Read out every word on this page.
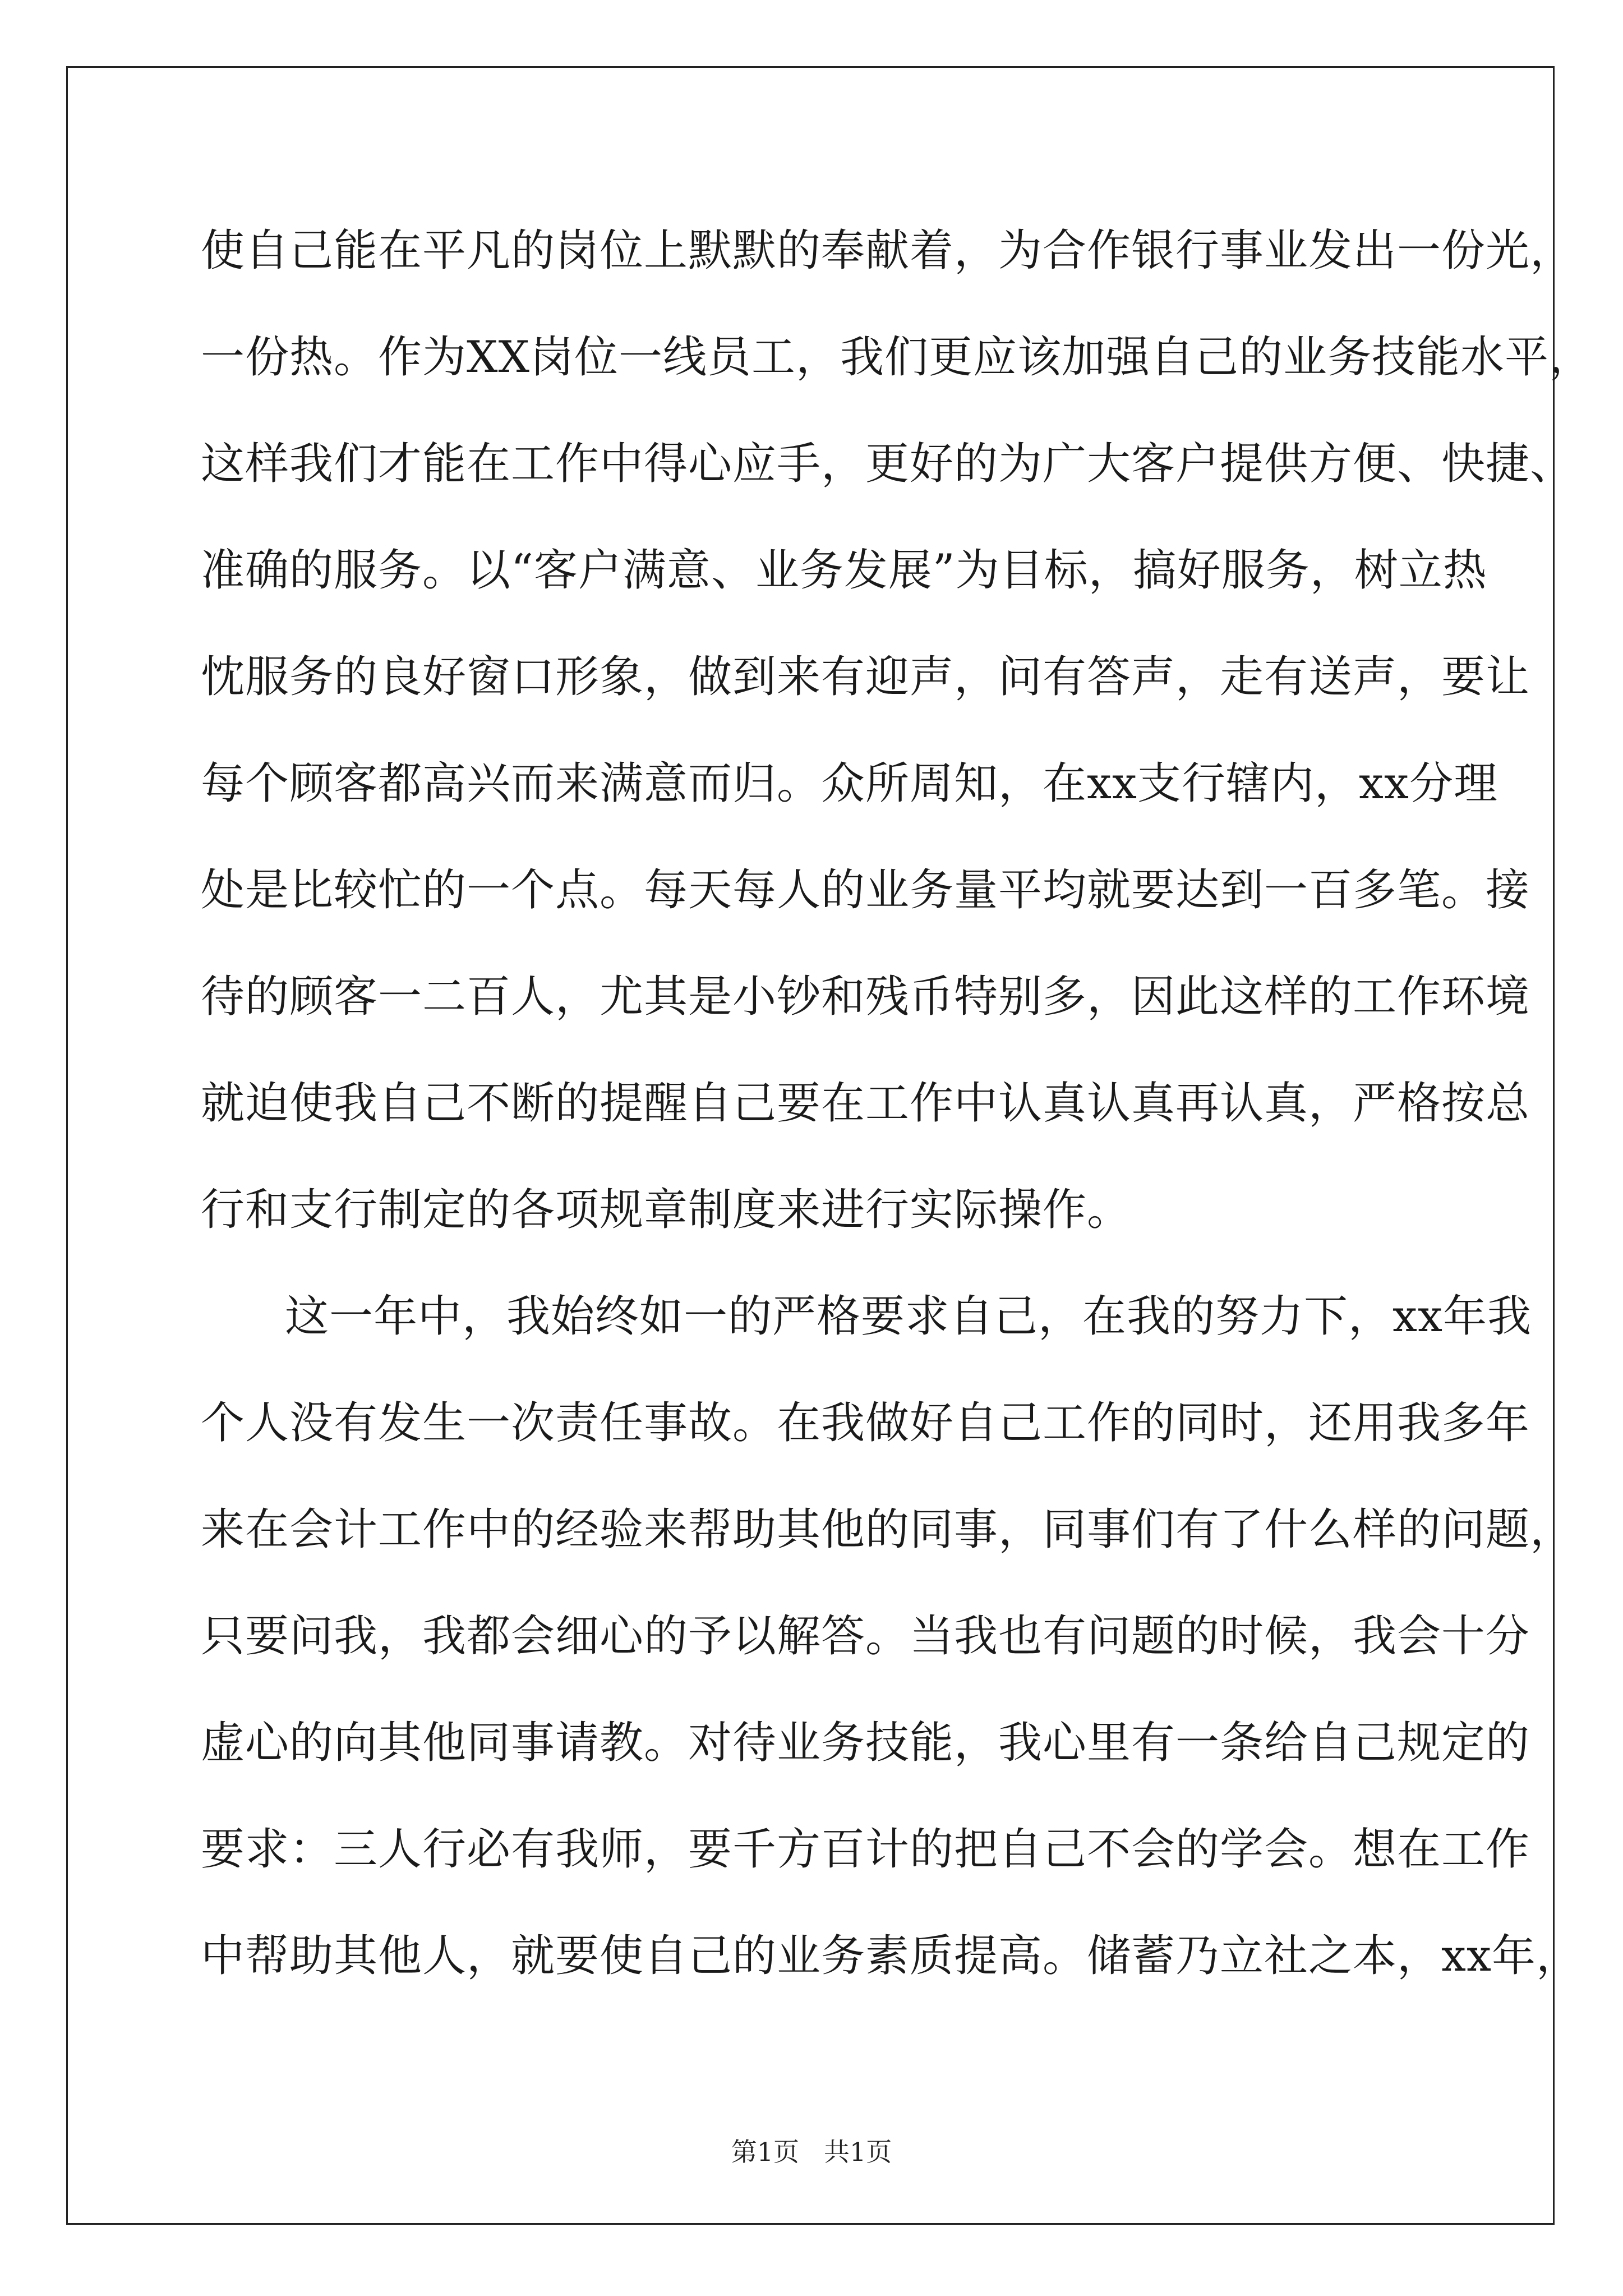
使自己能在平凡的岗位上默默的奉献着，为合作银行事业发出一份光，
一份热。作为XX岗位一线员工，我们更应该加强自己的业务技能水平，
这样我们才能在工作中得心应手，更好的为广大客户提供方便、快捷、
准确的服务。以“客户满意、业务发展”为目标，搞好服务，树立热
忱服务的良好窗口形象，做到来有迎声，问有答声，走有送声，要让
每个顾客都高兴而来满意而归。众所周知，在xx支行辖内，xx分理
处是比较忙的一个点。每天每人的业务量平均就要达到一百多笔。接
待的顾客一二百人，尤其是小钞和残币特别多，因此这样的工作环境
就迫使我自己不断的提醒自己要在工作中认真认真再认真，严格按总
行和支行制定的各项规章制度来进行实际操作。
这一年中，我始终如一的严格要求自己，在我的努力下，xx年我
个人没有发生一次责任事故。在我做好自己工作的同时，还用我多年
来在会计工作中的经验来帮助其他的同事，同事们有了什么样的问题，
只要问我，我都会细心的予以解答。当我也有问题的时候，我会十分
虚心的向其他同事请教。对待业务技能，我心里有一条给自己规定的
要求：三人行必有我师，要千方百计的把自己不会的学会。想在工作
中帮助其他人，就要使自己的业务素质提高。储蓄乃立社之本，xx年，
第1页 共1页
